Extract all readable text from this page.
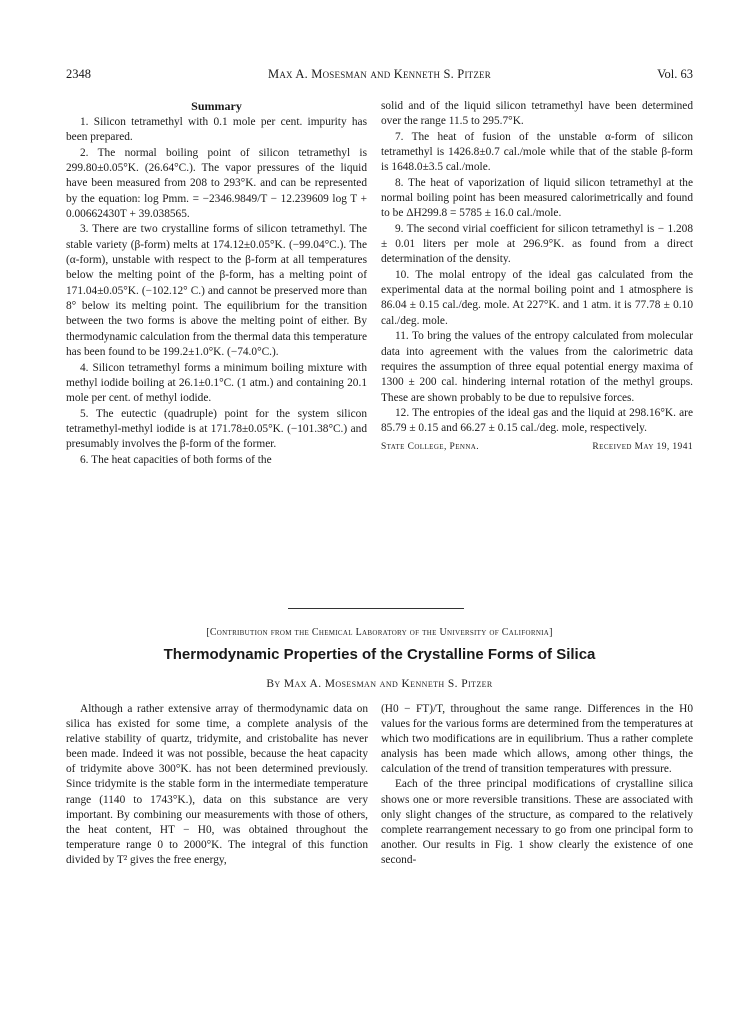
2348	Max A. Mosesman and Kenneth S. Pitzer	Vol. 63
Summary

1. Silicon tetramethyl with 0.1 mole per cent. impurity has been prepared.

2. The normal boiling point of silicon tetramethyl is 299.80±0.05°K. (26.64°C.). The vapor pressures of the liquid have been measured from 208 to 293°K. and can be represented by the equation: log Pmm. = −2346.9849/T − 12.239609 log T + 0.00662430T + 39.038565.

3. There are two crystalline forms of silicon tetramethyl. The stable variety (β-form) melts at 174.12±0.05°K. (−99.04°C.). The (α-form), unstable with respect to the β-form at all temperatures below the melting point of the β-form, has a melting point of 171.04±0.05°K. (−102.12° C.) and cannot be preserved more than 8° below its melting point. The equilibrium for the transition between the two forms is above the melting point of either. By thermodynamic calculation from the thermal data this temperature has been found to be 199.2±1.0°K. (−74.0°C.).

4. Silicon tetramethyl forms a minimum boiling mixture with methyl iodide boiling at 26.1±0.1°C. (1 atm.) and containing 20.1 mole per cent. of methyl iodide.

5. The eutectic (quadruple) point for the system silicon tetramethyl-methyl iodide is at 171.78±0.05°K. (−101.38°C.) and presumably involves the β-form of the former.

6. The heat capacities of both forms of the

solid and of the liquid silicon tetramethyl have been determined over the range 11.5 to 295.7°K.

7. The heat of fusion of the unstable α-form of silicon tetramethyl is 1426.8±0.7 cal./mole while that of the stable β-form is 1648.0±3.5 cal./mole.

8. The heat of vaporization of liquid silicon tetramethyl at the normal boiling point has been measured calorimetrically and found to be ΔH299.8 = 5785 ± 16.0 cal./mole.

9. The second virial coefficient for silicon tetramethyl is − 1.208 ± 0.01 liters per mole at 296.9°K. as found from a direct determination of the density.

10. The molal entropy of the ideal gas calculated from the experimental data at the normal boiling point and 1 atmosphere is 86.04 ± 0.15 cal./deg. mole. At 227°K. and 1 atm. it is 77.78 ± 0.10 cal./deg. mole.

11. To bring the values of the entropy calculated from molecular data into agreement with the values from the calorimetric data requires the assumption of three equal potential energy maxima of 1300 ± 200 cal. hindering internal rotation of the methyl groups. These are shown probably to be due to repulsive forces.

12. The entropies of the ideal gas and the liquid at 298.16°K. are 85.79 ± 0.15 and 66.27 ± 0.15 cal./deg. mole, respectively.

State College, Penna.	Received May 19, 1941
[Contribution from the Chemical Laboratory of the University of California]
Thermodynamic Properties of the Crystalline Forms of Silica
By Max A. Mosesman and Kenneth S. Pitzer

Although a rather extensive array of thermodynamic data on silica has existed for some time, a complete analysis of the relative stability of quartz, tridymite, and cristobalite has never been made. Indeed it was not possible, because the heat capacity of tridymite above 300°K. has not been determined previously. Since tridymite is the stable form in the intermediate temperature range (1140 to 1743°K.), data on this substance are very important. By combining our measurements with those of others, the heat content, HT − H0, was obtained throughout the temperature range 0 to 2000°K. The integral of this function divided by T² gives the free energy,

(H0 − FT)/T, throughout the same range. Differences in the H0 values for the various forms are determined from the temperatures at which two modifications are in equilibrium. Thus a rather complete analysis has been made which allows, among other things, the calculation of the trend of transition temperatures with pressure.

Each of the three principal modifications of crystalline silica shows one or more reversible transitions. These are associated with only slight changes of the structure, as compared to the relatively complete rearrangement necessary to go from one principal form to another. Our results in Fig. 1 show clearly the existence of one second-
